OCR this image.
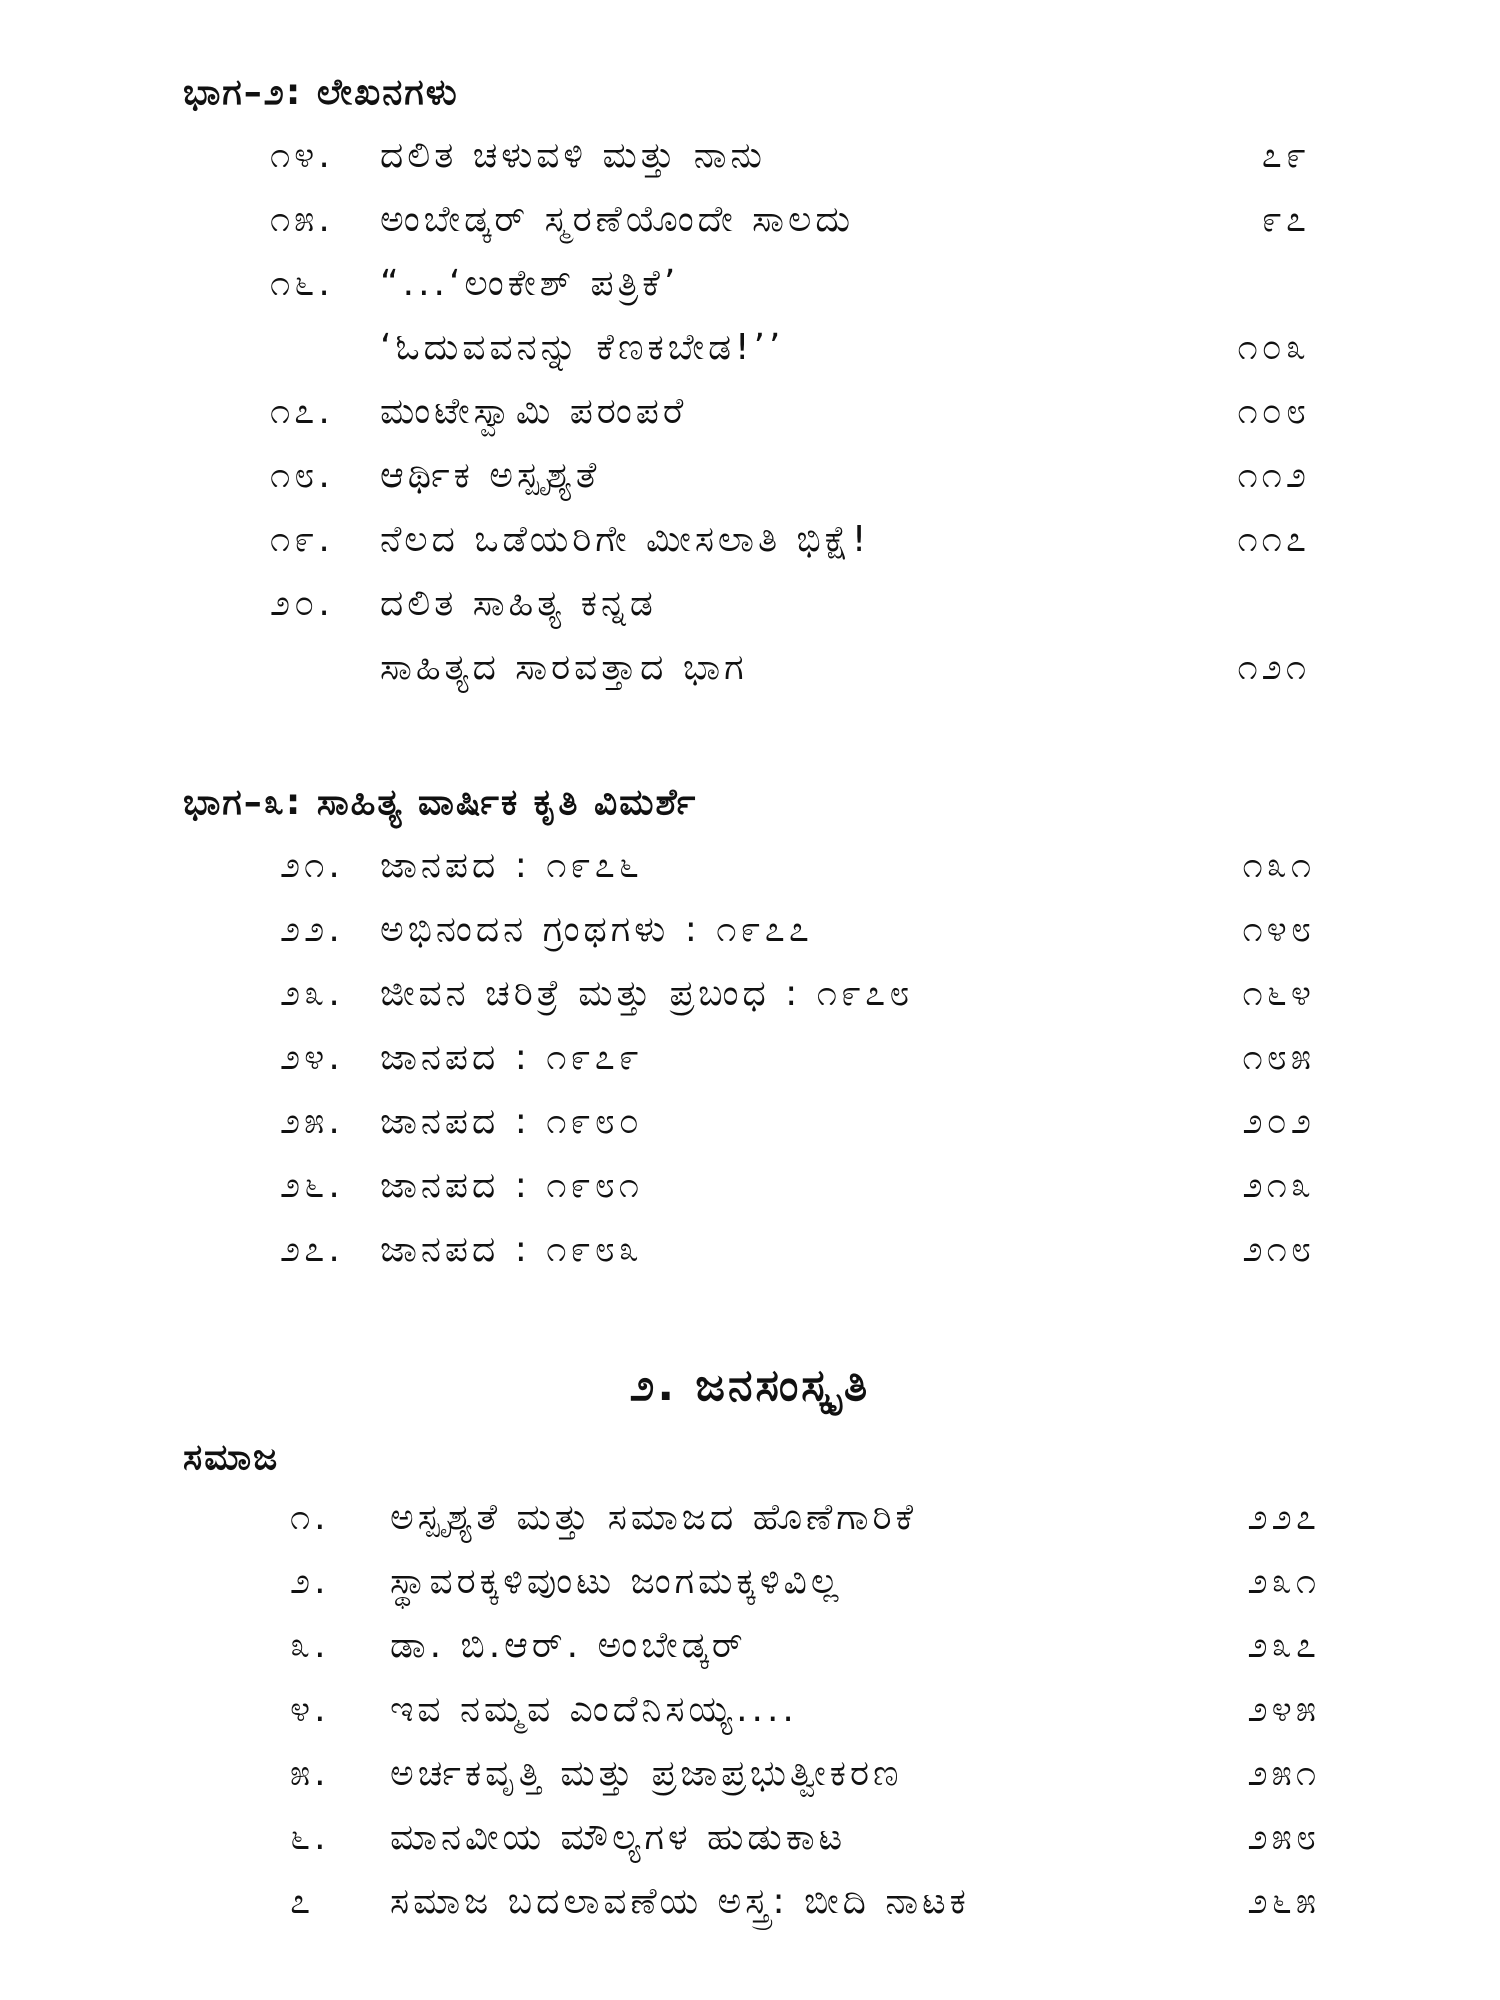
ಭಾಗ–೨: ಲೇಖನಗಳು
೧೪. ದಲಿತ ಚಳುವಳಿ ಮತ್ತು ನಾನು	೭೯
೧೫. ಅಂಬೇಡ್ಕರ್ ಸ್ಮರಣೆಯೊಂದೇ ಸಾಲದು	೯೭
೧೬. “...‘ಲಂಕೇಶ್ ಪತ್ರಿಕೆ’
‘ಓದುವವನನ್ನು ಕೆಣಕಬೇಡ!’’	೧೦೩
೧೭. ಮಂಟೇಸ್ವಾಮಿ ಪರಂಪರೆ	೧೦೮
೧೮. ಆರ್ಥಿಕ ಅಸ್ಪೃಶ್ಯತೆ	೧೧೨
೧೯. ನೆಲದ ಒಡೆಯರಿಗೇ ಮೀಸಲಾತಿ ಭಿಕ್ಷೆ!	೧೧೭
೨೦. ದಲಿತ ಸಾಹಿತ್ಯ ಕನ್ನಡ
ಸಾಹಿತ್ಯದ ಸಾರವತ್ತಾದ ಭಾಗ	೧೨೧
ಭಾಗ–೩: ಸಾಹಿತ್ಯ ವಾರ್ಷಿಕ ಕೃತಿ ವಿಮರ್ಶೆ
೨೧. ಜಾನಪದ : ೧೯೭೬	೧೩೧
೨೨. ಅಭಿನಂದನ ಗ್ರಂಥಗಳು : ೧೯೭೭	೧೪೮
೨೩. ಜೀವನ ಚರಿತ್ರೆ ಮತ್ತು ಪ್ರಬಂಧ : ೧೯೭೮	೧೬೪
೨೪. ಜಾನಪದ : ೧೯೭೯	೧೮೫
೨೫. ಜಾನಪದ : ೧೯೮೦	೨೦೨
೨೬. ಜಾನಪದ : ೧೯೮೧	೨೧೩
೨೭. ಜಾನಪದ : ೧೯೮೩	೨೧೮
೨. ಜನಸಂಸ್ಕೃತಿ
ಸಮಾಜ
೧. ಅಸ್ಪೃಶ್ಯತೆ ಮತ್ತು ಸಮಾಜದ ಹೊಣೆಗಾರಿಕೆ	೨೨೭
೨. ಸ್ಥಾವರಕ್ಕಳಿವುಂಟು ಜಂಗಮಕ್ಕಳಿವಿಲ್ಲ	೨೩೧
೩. ಡಾ. ಬಿ.ಆರ್. ಅಂಬೇಡ್ಕರ್	೨೩೭
೪. ಇವ ನಮ್ಮವ ಎಂದೆನಿಸಯ್ಯ....	೨೪೫
೫. ಅರ್ಚಕವೃತ್ತಿ ಮತ್ತು ಪ್ರಜಾಪ್ರಭುತ್ವೀಕರಣ	೨೫೧
೬. ಮಾನವೀಯ ಮೌಲ್ಯಗಳ ಹುಡುಕಾಟ	೨೫೮
೭ ಸಮಾಜ ಬದಲಾವಣೆಯ ಅಸ್ತ್ರ: ಬೀದಿ ನಾಟಕ	೨೬೫
